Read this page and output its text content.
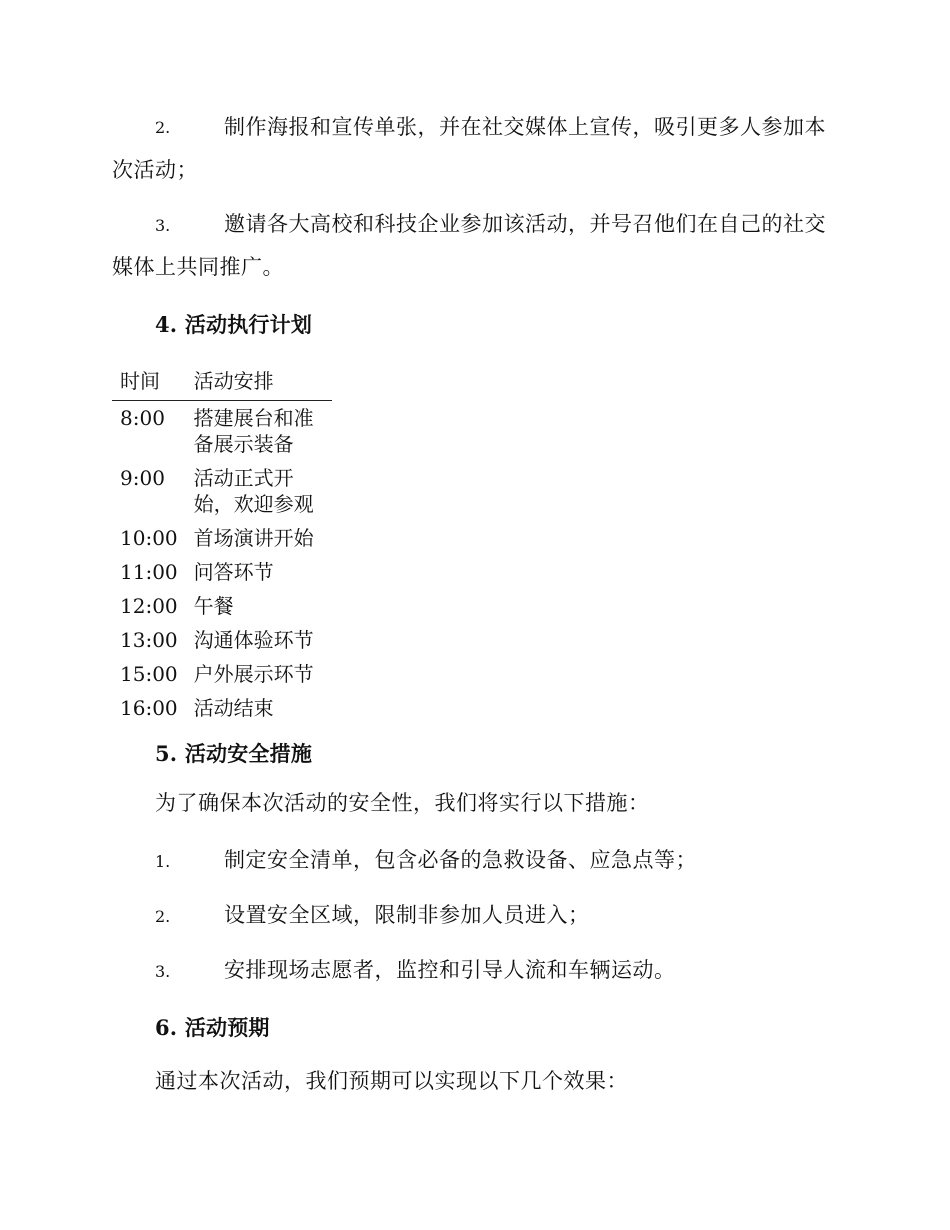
2.	制作海报和宣传单张，并在社交媒体上宣传，吸引更多人参加本
次活动；
3.	邀请各大高校和科技企业参加该活动，并号召他们在自己的社交
媒体上共同推广。
4. 活动执行计划
时间	活动安排
8:00	搭建展台和准备展示装备
9:00	活动正式开始，欢迎参观
10:00	首场演讲开始
11:00	问答环节
12:00	午餐
13:00	沟通体验环节
15:00	户外展示环节
16:00	活动结束
5. 活动安全措施
为了确保本次活动的安全性，我们将实行以下措施：
1.	制定安全清单，包含必备的急救设备、应急点等；
2.	设置安全区域，限制非参加人员进入；
3.	安排现场志愿者，监控和引导人流和车辆运动。
6. 活动预期
通过本次活动，我们预期可以实现以下几个效果：
